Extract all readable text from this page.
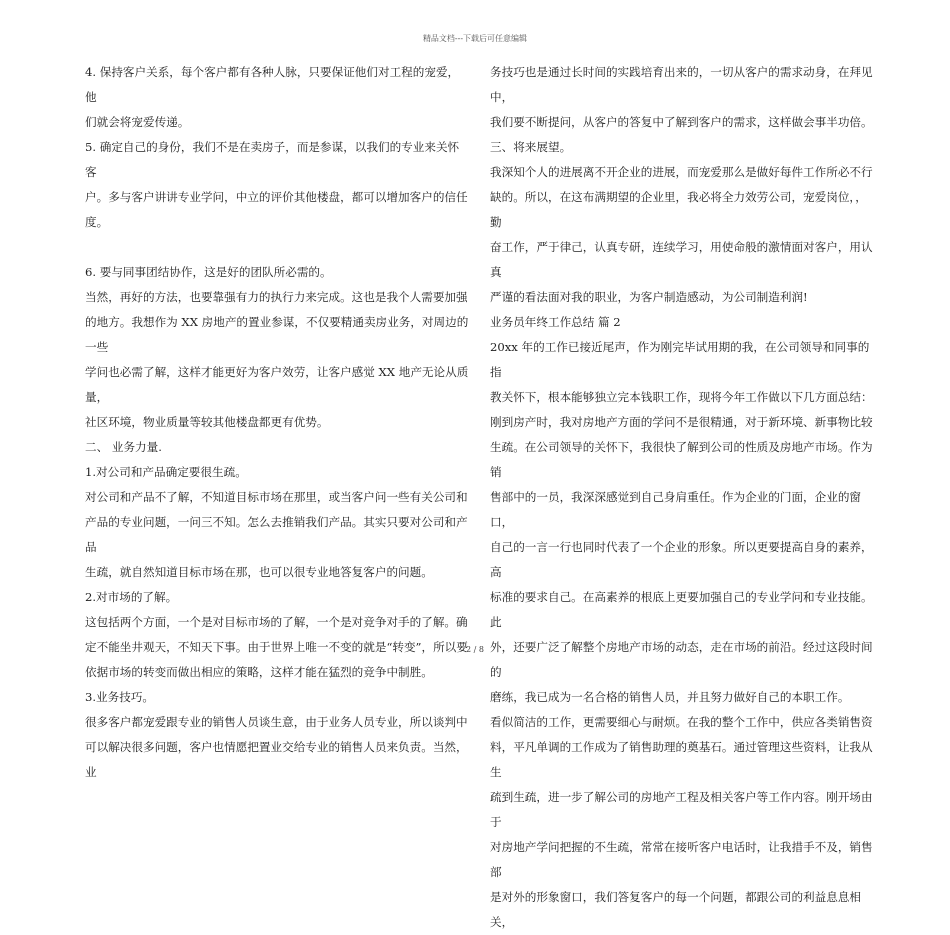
精品文档---下载后可任意编辑

4. 保持客户关系，每个客户都有各种人脉，只要保证他们对工程的宠爱，他

们就会将宠爱传递。

5. 确定自己的身份，我们不是在卖房子，而是参谋，以我们的专业来关怀客

户。多与客户讲讲专业学问，中立的评价其他楼盘，都可以增加客户的信任度。

6. 要与同事团结协作，这是好的团队所必需的。

当然，再好的方法，也要靠强有力的执行力来完成。这也是我个人需要加强

的地方。我想作为 XX 房地产的置业参谋，不仅要精通卖房业务，对周边的一些

学问也必需了解，这样才能更好为客户效劳，让客户感觉 XX 地产无论从质量，

社区环境，物业质量等较其他楼盘都更有优势。

二、 业务力量.

1.对公司和产品确定要很生疏。

对公司和产品不了解，不知道目标市场在那里，或当客户问一些有关公司和

产品的专业问题，一问三不知。怎么去推销我们产品。其实只要对公司和产品

生疏，就自然知道目标市场在那，也可以很专业地答复客户的问题。

2.对市场的了解。

这包括两个方面，一个是对目标市场的了解，一个是对竞争对手的了解。确

定不能坐井观天，不知天下事。由于世界上唯一不变的就是“转变”，所以要

依据市场的转变而做出相应的策略，这样才能在猛烈的竞争中制胜。

3.业务技巧。

很多客户都宠爱跟专业的销售人员谈生意，由于业务人员专业，所以谈判中

可以解决很多问题，客户也情愿把置业交给专业的销售人员来负责。当然，业

务技巧也是通过长时间的实践培育出来的，一切从客户的需求动身，在拜见中，

我们要不断提问，从客户的答复中了解到客户的需求，这样做会事半功倍。

三、将来展望。

我深知个人的进展离不开企业的进展，而宠爱那么是做好每件工作所必不行

缺的。所以，在这布满期望的企业里，我必将全力效劳公司，宠爱岗位，，勤

奋工作，严于律己，认真专研，连续学习，用使命般的激情面对客户，用认真

严谨的看法面对我的职业，为客户制造感动，为公司制造利润!

业务员年终工作总结 篇 2

20xx 年的工作已接近尾声，作为刚完毕试用期的我，在公司领导和同事的指

教关怀下，根本能够独立完本钱职工作，现将今年工作做以下几方面总结：

刚到房产时，我对房地产方面的学问不是很精通，对于新环境、新事物比较

生疏。在公司领导的关怀下，我很快了解到公司的性质及房地产市场。作为销

售部中的一员，我深深感觉到自己身肩重任。作为企业的门面，企业的窗口，

自己的一言一行也同时代表了一个企业的形象。所以更要提高自身的素养，高

标准的要求自己。在高素养的根底上更要加强自己的专业学问和专业技能。此

外，还要广泛了解整个房地产市场的动态，走在市场的前沿。经过这段时间的

磨练，我已成为一名合格的销售人员，并且努力做好自己的本职工作。

看似简洁的工作，更需要细心与耐烦。在我的整个工作中，供应各类销售资

料，平凡单调的工作成为了销售助理的奠基石。通过管理这些资料，让我从生

疏到生疏，进一步了解公司的房地产工程及相关客户等工作内容。刚开场由于

对房地产学问把握的不生疏，常常在接听客户电话时，让我措手不及，销售部

是对外的形象窗口，我们答复客户的每一个问题，都跟公司的利益息息相关，

2 / 8
